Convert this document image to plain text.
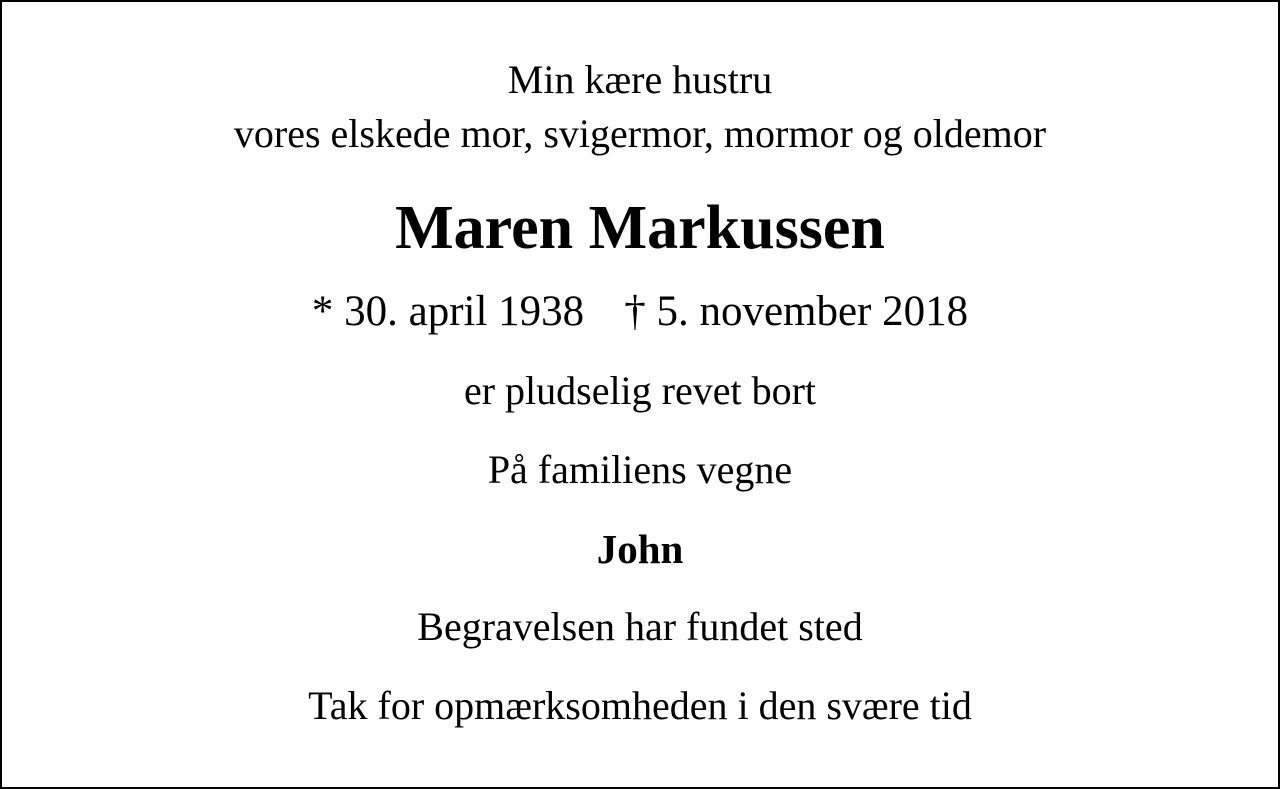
Min kære hustru
vores elskede mor, svigermor, mormor og oldemor
Maren Markussen
* 30. april 1938 † 5. november 2018
er pludselig revet bort
På familiens vegne
John
Begravelsen har fundet sted
Tak for opmærksomheden i den svære tid
